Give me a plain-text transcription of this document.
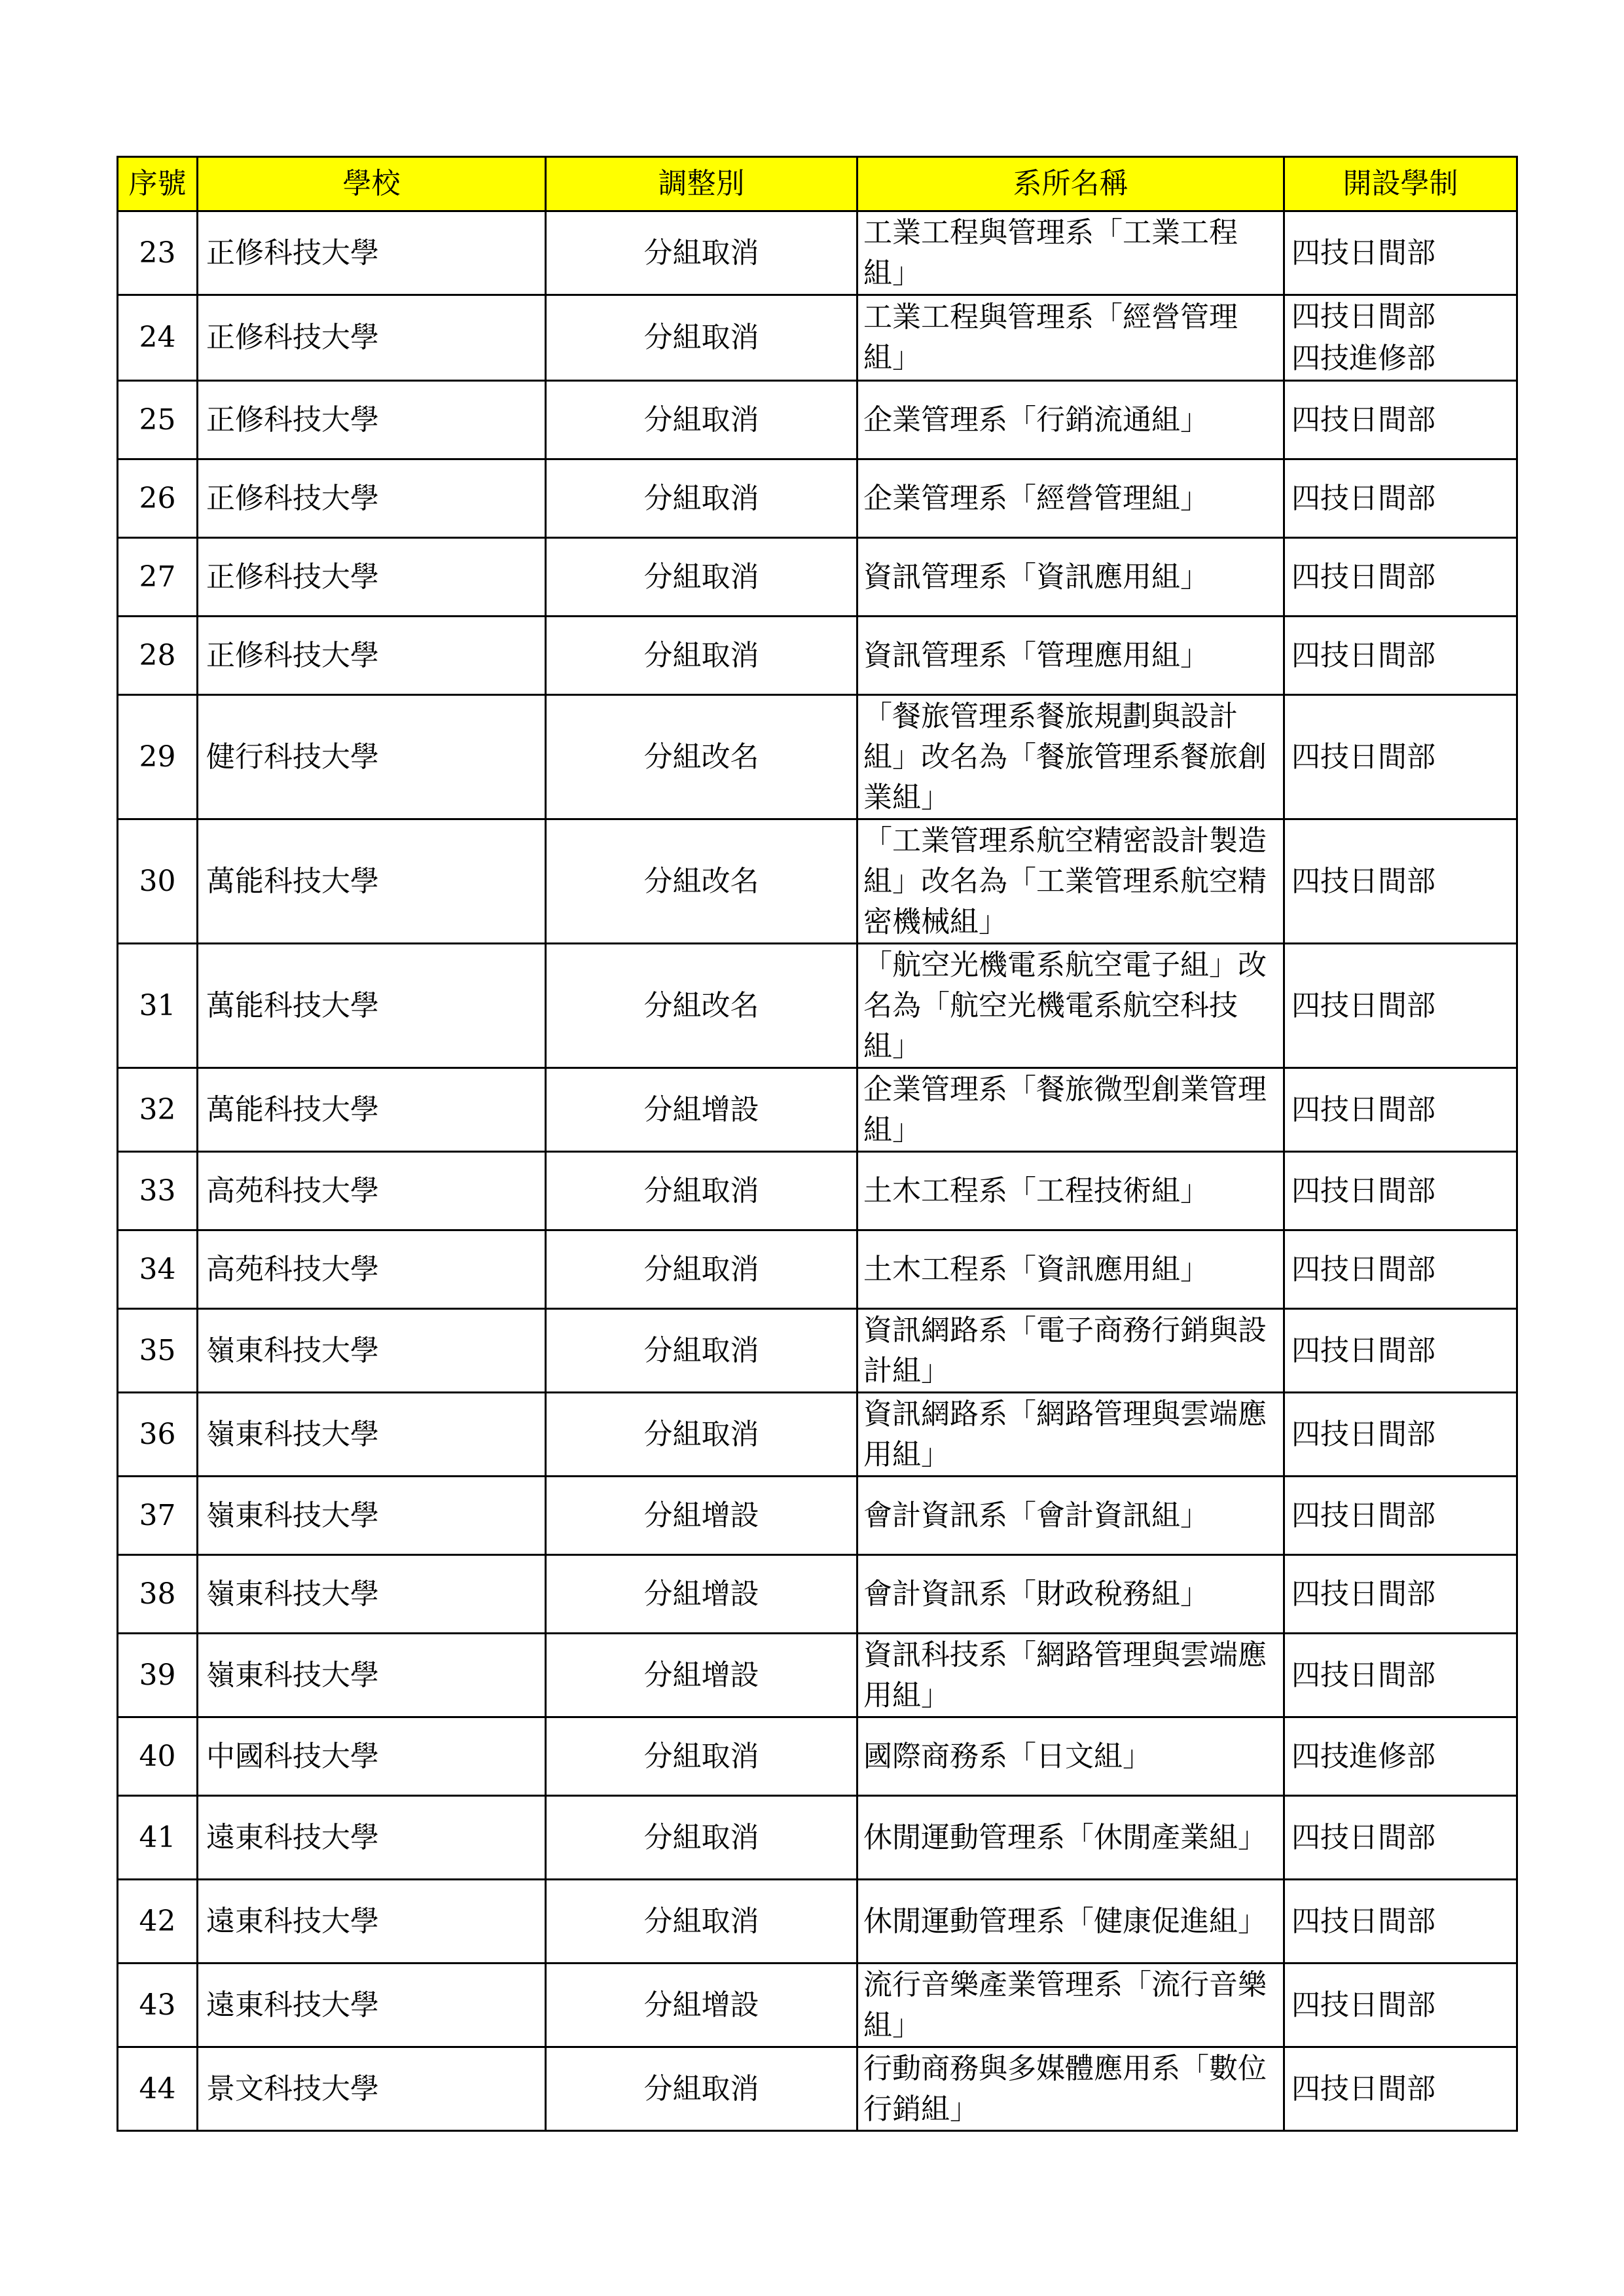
序號	學校	調整別	系所名稱	開設學制
23	正修科技大學	分組取消	工業工程與管理系「工業工程組」	四技日間部

24	正修科技大學	分組取消	工業工程與管理系「經營管理組」	四技日間部
四技進修部

25	正修科技大學	分組取消	企業管理系「行銷流通組」	四技日間部

26	正修科技大學	分組取消	企業管理系「經營管理組」	四技日間部

27	正修科技大學	分組取消	資訊管理系「資訊應用組」	四技日間部

28	正修科技大學	分組取消	資訊管理系「管理應用組」	四技日間部

29	健行科技大學	分組改名	「餐旅管理系餐旅規劃與設計組」改名為「餐旅管理系餐旅創業組」	四技日間部

30	萬能科技大學	分組改名	「工業管理系航空精密設計製造組」改名為「工業管理系航空精密機械組」	四技日間部

31	萬能科技大學	分組改名	「航空光機電系航空電子組」改名為「航空光機電系航空科技組」	四技日間部

32	萬能科技大學	分組增設	企業管理系「餐旅微型創業管理組」	四技日間部

33	高苑科技大學	分組取消	土木工程系「工程技術組」	四技日間部

34	高苑科技大學	分組取消	土木工程系「資訊應用組」	四技日間部

35	嶺東科技大學	分組取消	資訊網路系「電子商務行銷與設計組」	四技日間部

36	嶺東科技大學	分組取消	資訊網路系「網路管理與雲端應用組」	四技日間部

37	嶺東科技大學	分組增設	會計資訊系「會計資訊組」	四技日間部

38	嶺東科技大學	分組增設	會計資訊系「財政稅務組」	四技日間部

39	嶺東科技大學	分組增設	資訊科技系「網路管理與雲端應用組」	四技日間部

40	中國科技大學	分組取消	國際商務系「日文組」	四技進修部

41	遠東科技大學	分組取消	休閒運動管理系「休閒產業組」	四技日間部

42	遠東科技大學	分組取消	休閒運動管理系「健康促進組」	四技日間部

43	遠東科技大學	分組增設	流行音樂產業管理系「流行音樂組」	四技日間部

44	景文科技大學	分組取消	行動商務與多媒體應用系「數位行銷組」	四技日間部
